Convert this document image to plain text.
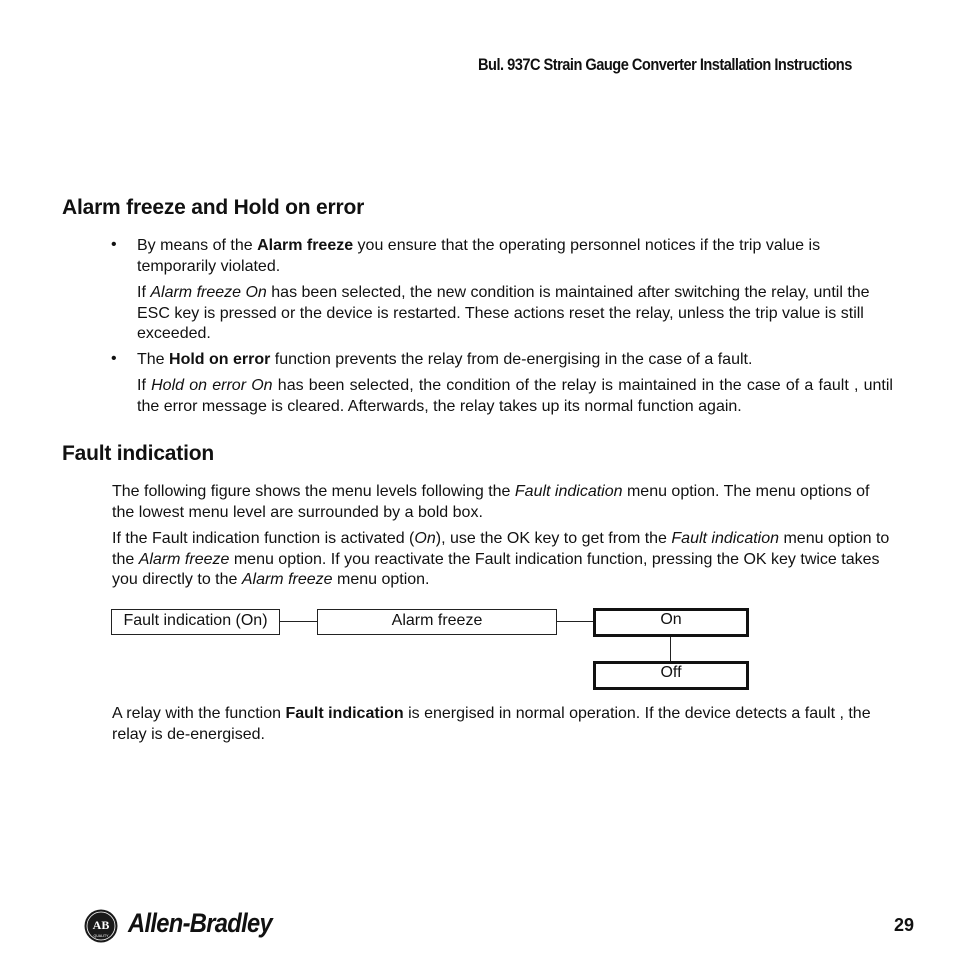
Bul. 937C Strain Gauge Converter Installation Instructions
Alarm freeze and Hold on error
• By means of the Alarm freeze you ensure that the operating personnel notices if the trip value is temporarily violated.
If Alarm freeze On has been selected, the new condition is maintained after switching the relay, until the ESC key is pressed or the device is restarted. These actions reset the relay, unless the trip value is still exceeded.
• The Hold on error function prevents the relay from de-energising in the case of a fault.
If Hold on error On has been selected, the condition of the relay is maintained in the case of a fault , until the error message is cleared. Afterwards, the relay takes up its normal function again.
Fault indication
The following figure shows the menu levels following the Fault indication menu option. The menu options of the lowest menu level are surrounded by a bold box.
If the Fault indication function is activated (On), use the OK key to get from the Fault indication menu option to the Alarm freeze menu option. If you reactivate the Fault indication function, pressing the OK key twice takes you directly to the Alarm freeze menu option.
Fault indication (On)	Alarm freeze	On
Off
A relay with the function Fault indication is energised in normal operation. If the device detects a fault , the relay is de-energised.
AB
QUALITY Allen-Bradley	29
